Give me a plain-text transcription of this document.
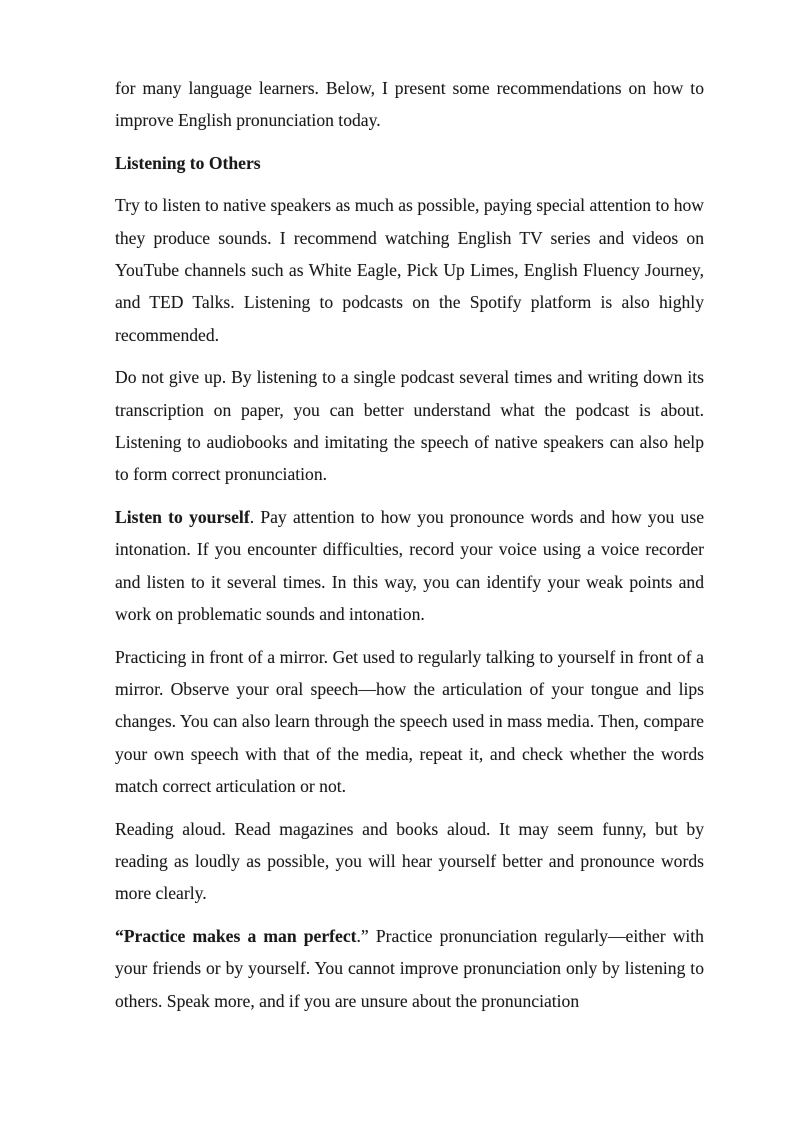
for many language learners. Below, I present some recommendations on how to improve English pronunciation today.

Listening to Others

Try to listen to native speakers as much as possible, paying special attention to how they produce sounds. I recommend watching English TV series and videos on YouTube channels such as White Eagle, Pick Up Limes, English Fluency Journey, and TED Talks. Listening to podcasts on the Spotify platform is also highly recommended.

Do not give up. By listening to a single podcast several times and writing down its transcription on paper, you can better understand what the podcast is about. Listening to audiobooks and imitating the speech of native speakers can also help to form correct pronunciation.

Listen to yourself. Pay attention to how you pronounce words and how you use intonation. If you encounter difficulties, record your voice using a voice recorder and listen to it several times. In this way, you can identify your weak points and work on problematic sounds and intonation.

Practicing in front of a mirror. Get used to regularly talking to yourself in front of a mirror. Observe your oral speech—how the articulation of your tongue and lips changes. You can also learn through the speech used in mass media. Then, compare your own speech with that of the media, repeat it, and check whether the words match correct articulation or not.

Reading aloud. Read magazines and books aloud. It may seem funny, but by reading as loudly as possible, you will hear yourself better and pronounce words more clearly.

“Practice makes a man perfect.” Practice pronunciation regularly—either with your friends or by yourself. You cannot improve pronunciation only by listening to others. Speak more, and if you are unsure about the pronunciation
